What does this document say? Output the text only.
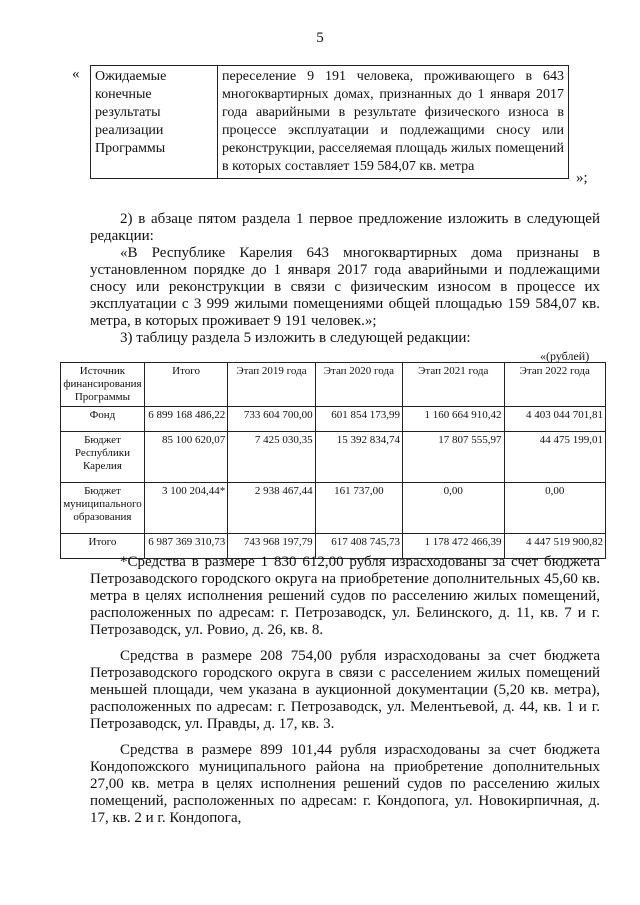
5
« Ожидаемые конечные результаты реализации Программы	переселение 9 191 человека, проживающего в 643 многоквартирных домах, признанных до 1 января 2017 года аварийными в результате физического износа в процессе эксплуатации и подлежащими сносу или реконструкции, расселяемая площадь жилых помещений в которых составляет 159 584,07 кв. метра
»;
2) в абзаце пятом раздела 1 первое предложение изложить в следующей редакции:
«В Республике Карелия 643 многоквартирных дома признаны в установленном порядке до 1 января 2017 года аварийными и подлежащими сносу или реконструкции в связи с физическим износом в процессе их эксплуатации с 3 999 жилыми помещениями общей площадью 159 584,07 кв. метра, в которых проживает 9 191 человек.»;
3) таблицу раздела 5 изложить в следующей редакции:
«(рублей)
Источник финансирования Программы	Итого	Этап 2019 года	Этап 2020 года	Этап 2021 года	Этап 2022 года
Фонд	6 899 168 486,22	733 604 700,00	601 854 173,99	1 160 664 910,42	4 403 044 701,81
Бюджет Республики Карелия	85 100 620,07	7 425 030,35	15 392 834,74	17 807 555,97	44 475 199,01
Бюджет муниципального образования	3 100 204,44*	2 938 467,44	161 737,00	0,00	0,00
Итого	6 987 369 310,73	743 968 197,79	617 408 745,73	1 178 472 466,39	4 447 519 900,82
*Средства в размере 1 830 612,00 рубля израсходованы за счет бюджета Петрозаводского городского округа на приобретение дополнительных 45,60 кв. метра в целях исполнения решений судов по расселению жилых помещений, расположенных по адресам: г. Петрозаводск, ул. Белинского, д. 11, кв. 7 и г. Петрозаводск, ул. Ровио, д. 26, кв. 8.
Средства в размере 208 754,00 рубля израсходованы за счет бюджета Петрозаводского городского округа в связи с расселением жилых помещений меньшей площади, чем указана в аукционной документации (5,20 кв. метра), расположенных по адресам: г. Петрозаводск, ул. Мелентьевой, д. 44, кв. 1 и г. Петрозаводск, ул. Правды, д. 17, кв. 3.
Средства в размере 899 101,44 рубля израсходованы за счет бюджета Кондопожского муниципального района на приобретение дополнительных 27,00 кв. метра в целях исполнения решений судов по расселению жилых помещений, расположенных по адресам: г. Кондопога, ул. Новокирпичная, д. 17, кв. 2 и г. Кондопога,
